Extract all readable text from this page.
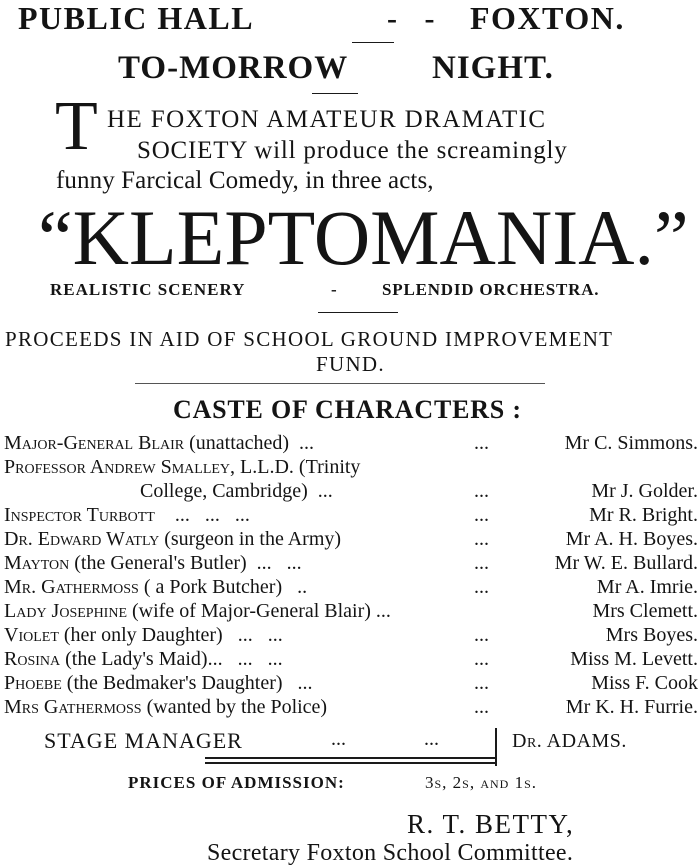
PUBLIC HALL	- - FOXTON.
TO-MORROW	NIGHT.
T HE FOXTON AMATEUR DRAMATIC
SOCIETY will produce the screamingly
funny Farcical Comedy, in three acts,
“KLEPTOMANIA.”
REALISTIC SCENERY	-	SPLENDID ORCHESTRA.
PROCEEDS IN AID OF SCHOOL GROUND IMPROVEMENT
FUND.
CASTE OF CHARACTERS :
Major-General Blair (unattached)  ...	...	Mr C. Simmons.
Professor Andrew Smalley, L.L.D. (Trinity
College, Cambridge)  ...	...	Mr J. Golder.
Inspector Turbott    ...   ...   ...	...	Mr R. Bright.
Dr. Edward Watly (surgeon in the Army)	...	Mr A. H. Boyes.
Mayton (the General's Butler)  ...   ...	...	Mr W. E. Bullard.
Mr. Gathermoss ( a Pork Butcher)   ..	...	Mr A. Imrie.
Lady Josephine (wife of Major-General Blair) ...	Mrs Clemett.
Violet (her only Daughter)   ...   ...	...	Mrs Boyes.
Rosina (the Lady's Maid)...   ...   ...	...	Miss M. Levett.
Phoebe (the Bedmaker's Daughter)   ...	...	Miss F. Cook
Mrs Gathermoss (wanted by the Police)	...	Mr K. H. Furrie.
STAGE MANAGER	...	...	Dr. ADAMS.
PRICES OF ADMISSION:	3s, 2s, and 1s.
R. T. BETTY,
Secretary Foxton School Committee.
